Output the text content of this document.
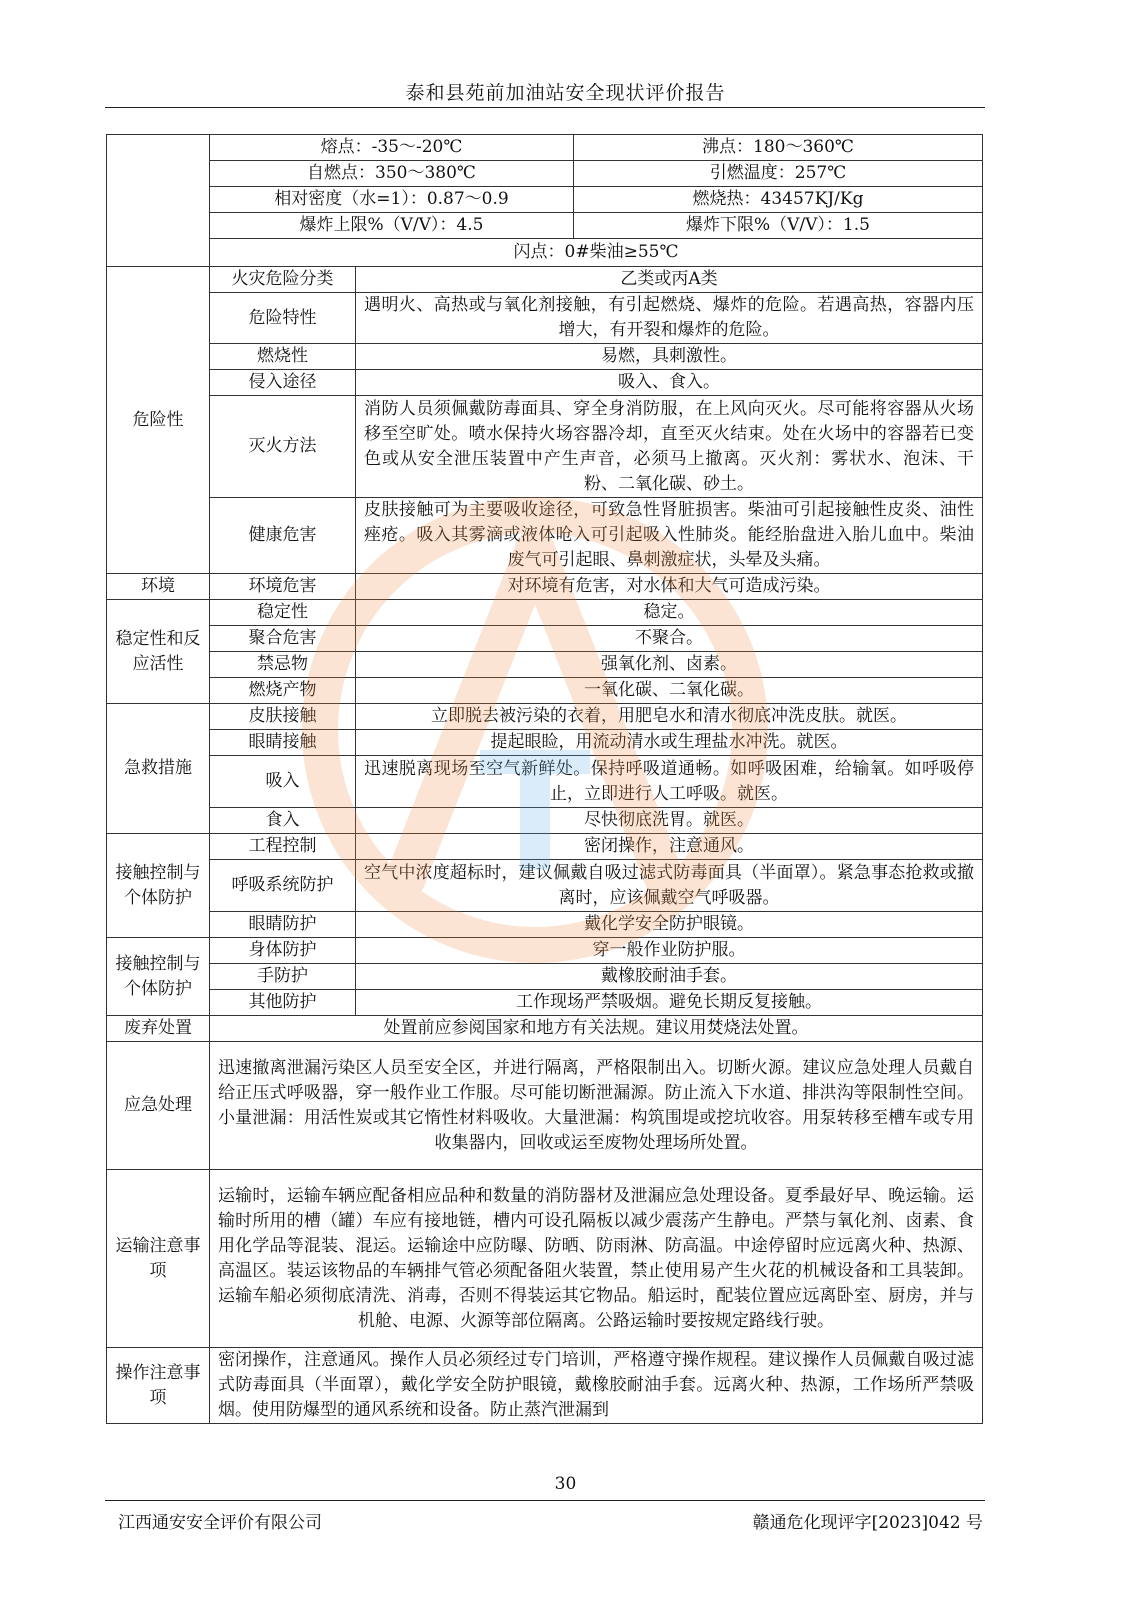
泰和县苑前加油站安全现状评价报告
	熔点：-35～-20℃		沸点：180～360℃
	自燃点：350～380℃		引燃温度：257℃
	相对密度（水=1）：0.87～0.9		燃烧热：43457KJ/Kg
	爆炸上限%（V/V）：4.5		爆炸下限%（V/V）：1.5
	闪点：0#柴油≥55℃		
危险性	火灾危险分类	乙类或丙A类	
	危险特性	遇明火、高热或与氧化剂接触，有引起燃烧、爆炸的危险。若遇高热，容器内压增大，有开裂和爆炸的危险。	
	燃烧性	易燃，具刺激性。	
	侵入途径	吸入、食入。	
	灭火方法	消防人员须佩戴防毒面具、穿全身消防服，在上风向灭火。尽可能将容器从火场移至空旷处。喷水保持火场容器冷却，直至灭火结束。处在火场中的容器若已变色或从安全泄压装置中产生声音，必须马上撤离。灭火剂：雾状水、泡沫、干粉、二氧化碳、砂土。	
	健康危害	皮肤接触可为主要吸收途径，可致急性肾脏损害。柴油可引起接触性皮炎、油性痤疮。吸入其雾滴或液体呛入可引起吸入性肺炎。能经胎盘进入胎儿血中。柴油废气可引起眼、鼻刺激症状，头晕及头痛。	
环境	环境危害	对环境有危害，对水体和大气可造成污染。	
稳定性和反应活性	稳定性	稳定。	
	聚合危害	不聚合。	
	禁忌物	强氧化剂、卤素。	
	燃烧产物	一氧化碳、二氧化碳。	
急救措施	皮肤接触	立即脱去被污染的衣着，用肥皂水和清水彻底冲洗皮肤。就医。	
	眼睛接触	提起眼睑，用流动清水或生理盐水冲洗。就医。	
	吸入	迅速脱离现场至空气新鲜处。保持呼吸道通畅。如呼吸困难，给输氧。如呼吸停止，立即进行人工呼吸。就医。	
	食入	尽快彻底洗胃。就医。	
接触控制与个体防护	工程控制	密闭操作，注意通风。	
	呼吸系统防护	空气中浓度超标时，建议佩戴自吸过滤式防毒面具（半面罩）。紧急事态抢救或撤离时，应该佩戴空气呼吸器。	
	眼睛防护	戴化学安全防护眼镜。	
接触控制与个体防护	身体防护	穿一般作业防护服。	
	手防护	戴橡胶耐油手套。	
	其他防护	工作现场严禁吸烟。避免长期反复接触。	
废弃处置	处置前应参阅国家和地方有关法规。建议用焚烧法处置。		
应急处理	迅速撤离泄漏污染区人员至安全区，并进行隔离，严格限制出入。切断火源。建议应急处理人员戴自给正压式呼吸器，穿一般作业工作服。尽可能切断泄漏源。防止流入下水道、排洪沟等限制性空间。小量泄漏：用活性炭或其它惰性材料吸收。大量泄漏：构筑围堤或挖坑收容。用泵转移至槽车或专用收集器内，回收或运至废物处理场所处置。		
运输注意事项	运输时，运输车辆应配备相应品种和数量的消防器材及泄漏应急处理设备。夏季最好早、晚运输。运输时所用的槽（罐）车应有接地链，槽内可设孔隔板以减少震荡产生静电。严禁与氧化剂、卤素、食用化学品等混装、混运。运输途中应防曝、防晒、防雨淋、防高温。中途停留时应远离火种、热源、高温区。装运该物品的车辆排气管必须配备阻火装置，禁止使用易产生火花的机械设备和工具装卸。运输车船必须彻底清洗、消毒，否则不得装运其它物品。船运时，配装位置应远离卧室、厨房，并与机舱、电源、火源等部位隔离。公路运输时要按规定路线行驶。		
操作注意事项	密闭操作，注意通风。操作人员必须经过专门培训，严格遵守操作规程。建议操作人员佩戴自吸过滤式防毒面具（半面罩），戴化学安全防护眼镜，戴橡胶耐油手套。远离火种、热源，工作场所严禁吸烟。使用防爆型的通风系统和设备。防止蒸汽泄漏到		
30
江西通安安全评价有限公司	赣通危化现评字[2023]042 号
